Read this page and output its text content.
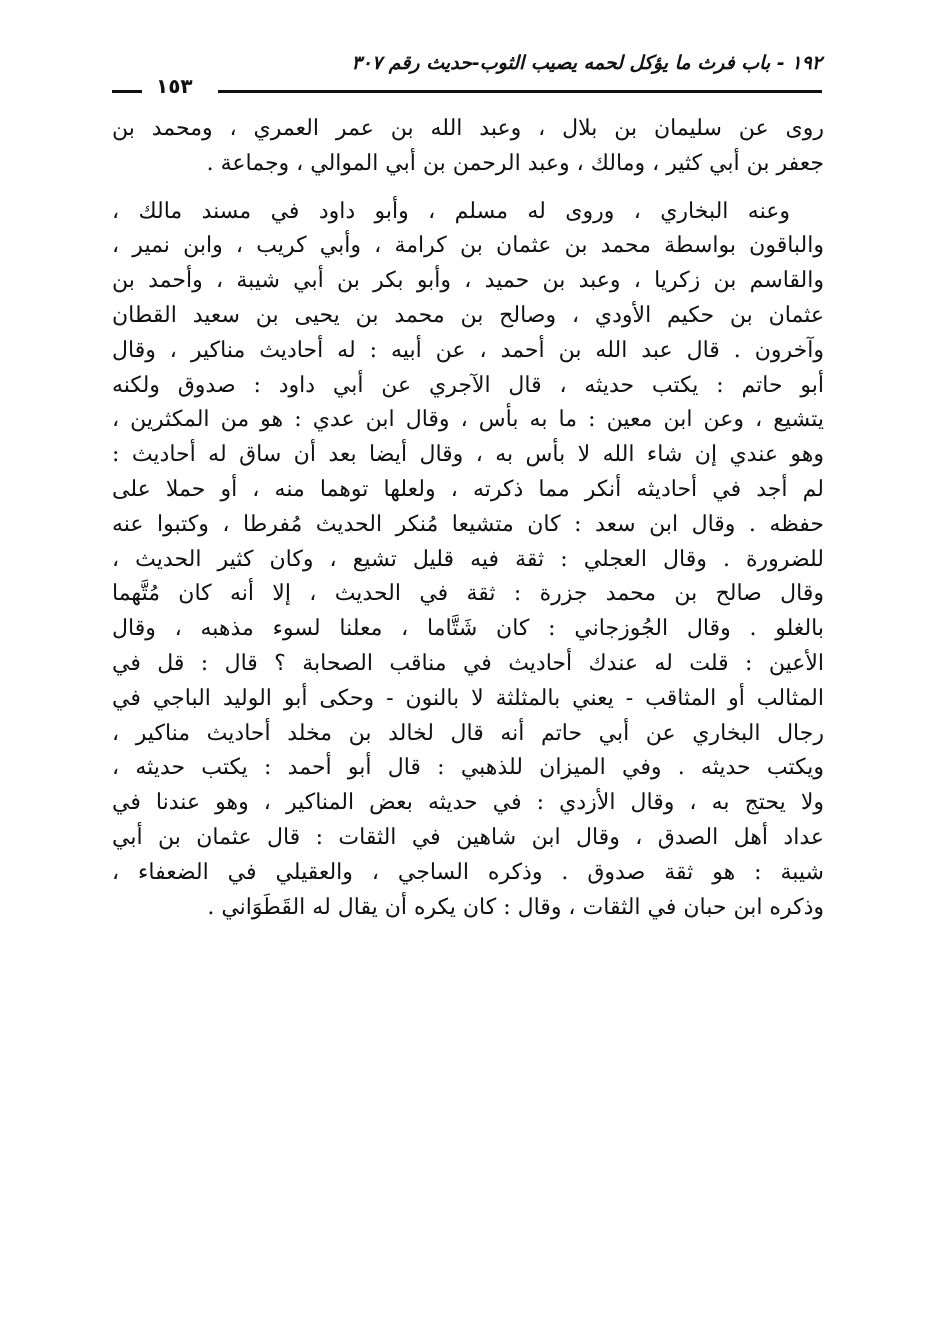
١٩٢ - باب فرث ما يؤكل لحمه يصيب الثوب-حديث رقم ٣٠٧
١٥٣
روى عن سليمان بن بلال ، وعبد الله بن عمر العمري ، ومحمد بن
جعفر بن أبي كثير ، ومالك ، وعبد الرحمن بن أبي الموالي ، وجماعة .
وعنه البخاري ، وروى له مسلم ، وأبو داود في مسند مالك ،
والباقون بواسطة محمد بن عثمان بن كرامة ، وأبي كريب ، وابن نمير ،
والقاسم بن زكريا ، وعبد بن حميد ، وأبو بكر بن أبي شيبة ، وأحمد بن
عثمان بن حكيم الأودي ، وصالح بن محمد بن يحيى بن سعيد القطان
وآخرون . قال عبد الله بن أحمد ، عن أبيه : له أحاديث مناكير ، وقال
أبو حاتم : يكتب حديثه ، قال الآجري عن أبي داود : صدوق ولكنه
يتشيع ، وعن ابن معين : ما به بأس ، وقال ابن عدي : هو من المكثرين ،
وهو عندي إن شاء الله لا بأس به ، وقال أيضا بعد أن ساق له أحاديث :
لم أجد في أحاديثه أنكر مما ذكرته ، ولعلها توهما منه ، أو حملا على
حفظه . وقال ابن سعد : كان متشيعا مُنكر الحديث مُفرطا ، وكتبوا عنه
للضرورة . وقال العجلي : ثقة فيه قليل تشيع ، وكان كثير الحديث ،
وقال صالح بن محمد جزرة : ثقة في الحديث ، إلا أنه كان مُتَّهما
بالغلو . وقال الجُوزجاني : كان شَتَّاما ، معلنا لسوء مذهبه ، وقال
الأعين : قلت له عندك أحاديث في مناقب الصحابة ؟ قال : قل في
المثالب أو المثاقب - يعني بالمثلثة لا بالنون - وحكى أبو الوليد الباجي في
رجال البخاري عن أبي حاتم أنه قال لخالد بن مخلد أحاديث مناكير ،
ويكتب حديثه . وفي الميزان للذهبي : قال أبو أحمد : يكتب حديثه ،
ولا يحتج به ، وقال الأزدي : في حديثه بعض المناكير ، وهو عندنا في
عداد أهل الصدق ، وقال ابن شاهين في الثقات : قال عثمان بن أبي
شيبة : هو ثقة صدوق . وذكره الساجي ، والعقيلي في الضعفاء ،
وذكره ابن حبان في الثقات ، وقال : كان يكره أن يقال له القَطَوَاني .
